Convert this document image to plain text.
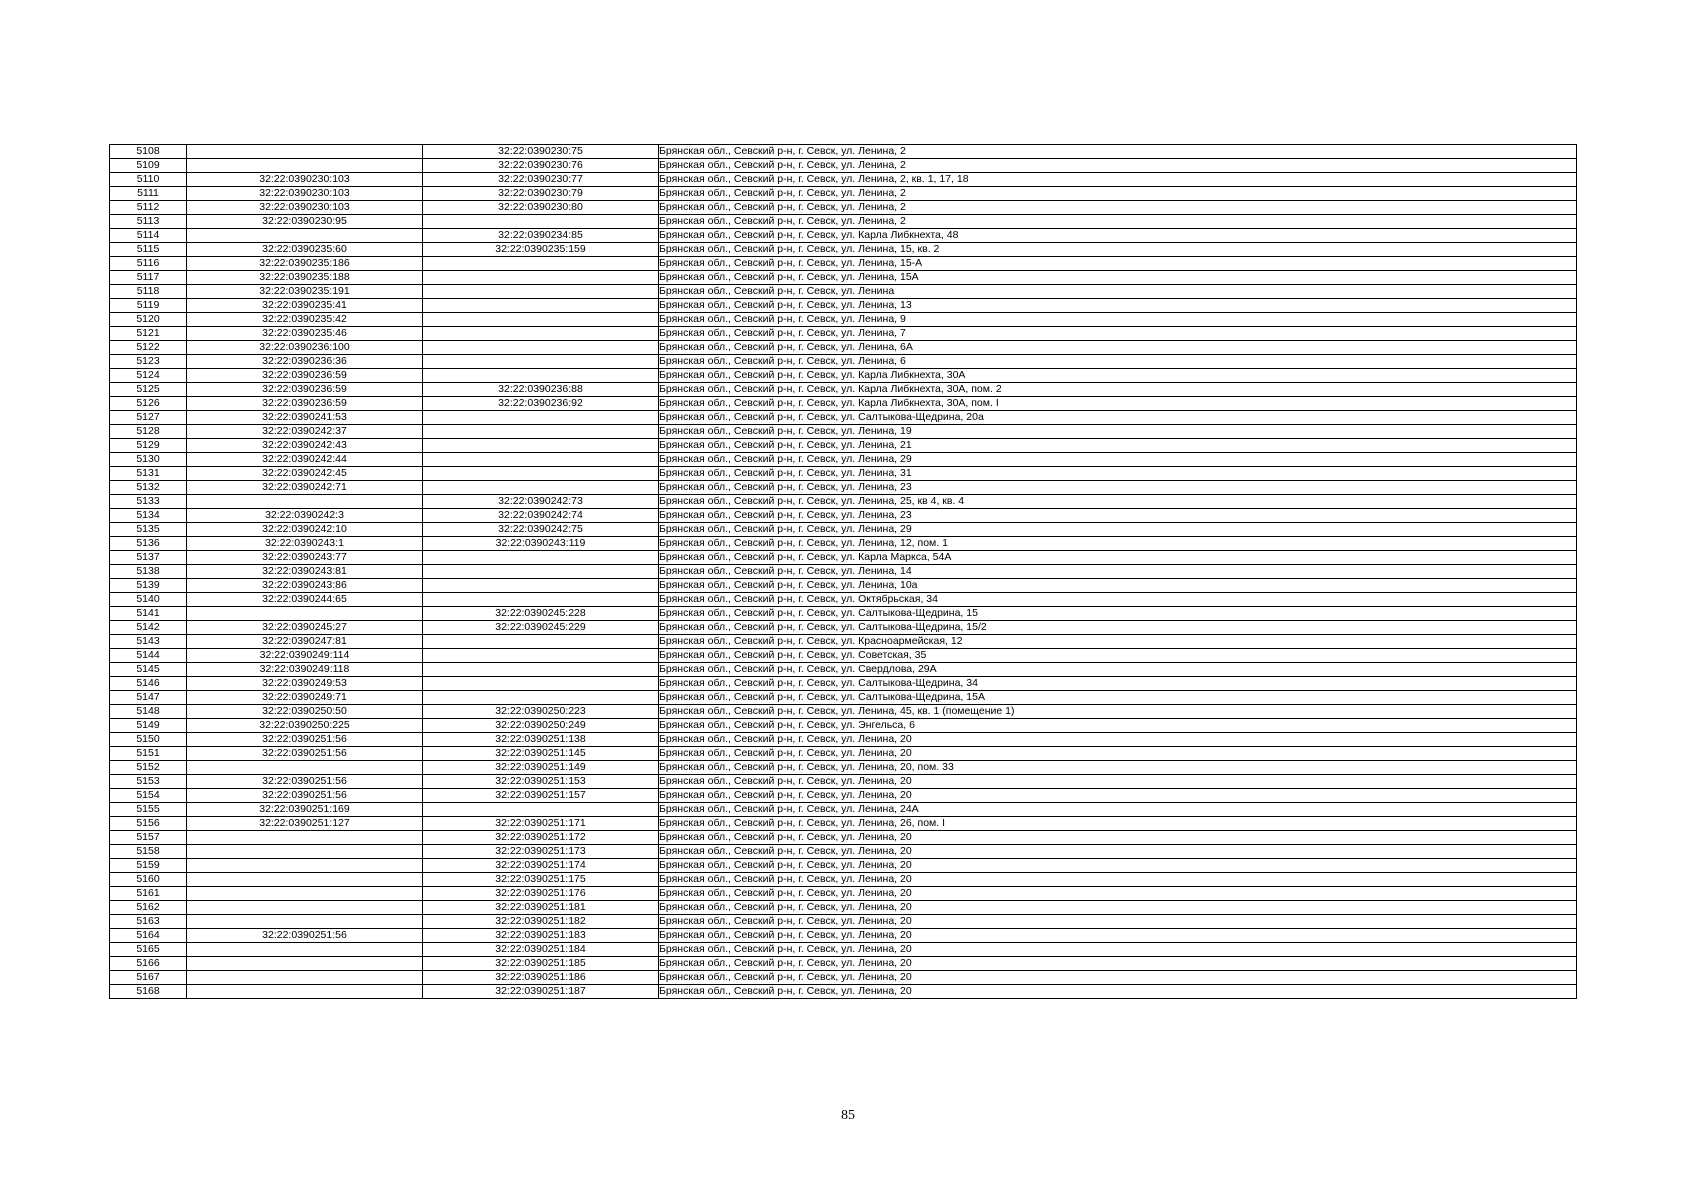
5108		32:22:0390230:75	Брянская обл., Севский р-н, г. Севск, ул. Ленина, 2
5109		32:22:0390230:76	Брянская обл., Севский р-н, г. Севск, ул. Ленина, 2
5110	32:22:0390230:103	32:22:0390230:77	Брянская обл., Севский р-н, г. Севск, ул. Ленина, 2, кв. 1, 17, 18
5111	32:22:0390230:103	32:22:0390230:79	Брянская обл., Севский р-н, г. Севск, ул. Ленина, 2
5112	32:22:0390230:103	32:22:0390230:80	Брянская обл., Севский р-н, г. Севск, ул. Ленина, 2
5113	32:22:0390230:95		Брянская обл., Севский р-н, г. Севск, ул. Ленина, 2
5114		32:22:0390234:85	Брянская обл., Севский р-н, г. Севск, ул. Карла Либкнехта, 48
5115	32:22:0390235:60	32:22:0390235:159	Брянская обл., Севский р-н, г. Севск, ул. Ленина, 15, кв. 2
5116	32:22:0390235:186		Брянская обл., Севский р-н, г. Севск, ул. Ленина, 15-А
5117	32:22:0390235:188		Брянская обл., Севский р-н, г. Севск, ул. Ленина, 15А
5118	32:22:0390235:191		Брянская обл., Севский р-н, г. Севск, ул. Ленина
5119	32:22:0390235:41		Брянская обл., Севский р-н, г. Севск, ул. Ленина, 13
5120	32:22:0390235:42		Брянская обл., Севский р-н, г. Севск, ул. Ленина, 9
5121	32:22:0390235:46		Брянская обл., Севский р-н, г. Севск, ул. Ленина, 7
5122	32:22:0390236:100		Брянская обл., Севский р-н, г. Севск, ул. Ленина, 6А
5123	32:22:0390236:36		Брянская обл., Севский р-н, г. Севск, ул. Ленина, 6
5124	32:22:0390236:59		Брянская обл., Севский р-н, г. Севск, ул. Карла Либкнехта, 30А
5125	32:22:0390236:59	32:22:0390236:88	Брянская обл., Севский р-н, г. Севск, ул. Карла Либкнехта, 30А, пом. 2
5126	32:22:0390236:59	32:22:0390236:92	Брянская обл., Севский р-н, г. Севск, ул. Карла Либкнехта, 30А, пом. I
5127	32:22:0390241:53		Брянская обл., Севский р-н, г. Севск, ул. Салтыкова-Щедрина, 20а
5128	32:22:0390242:37		Брянская обл., Севский р-н, г. Севск, ул. Ленина, 19
5129	32:22:0390242:43		Брянская обл., Севский р-н, г. Севск, ул. Ленина, 21
5130	32:22:0390242:44		Брянская обл., Севский р-н, г. Севск, ул. Ленина, 29
5131	32:22:0390242:45		Брянская обл., Севский р-н, г. Севск, ул. Ленина, 31
5132	32:22:0390242:71		Брянская обл., Севский р-н, г. Севск, ул. Ленина, 23
5133		32:22:0390242:73	Брянская обл., Севский р-н, г. Севск, ул. Ленина, 25, кв 4, кв. 4
5134	32:22:0390242:3	32:22:0390242:74	Брянская обл., Севский р-н, г. Севск, ул. Ленина, 23
5135	32:22:0390242:10	32:22:0390242:75	Брянская обл., Севский р-н, г. Севск, ул. Ленина, 29
5136	32:22:0390243:1	32:22:0390243:119	Брянская обл., Севский р-н, г. Севск, ул. Ленина, 12, пом. 1
5137	32:22:0390243:77		Брянская обл., Севский р-н, г. Севск, ул. Карла Маркса, 54А
5138	32:22:0390243:81		Брянская обл., Севский р-н, г. Севск, ул. Ленина, 14
5139	32:22:0390243:86		Брянская обл., Севский р-н, г. Севск, ул. Ленина, 10а
5140	32:22:0390244:65		Брянская обл., Севский р-н, г. Севск, ул. Октябрьская, 34
5141		32:22:0390245:228	Брянская обл., Севский р-н, г. Севск, ул. Салтыкова-Щедрина, 15
5142	32:22:0390245:27	32:22:0390245:229	Брянская обл., Севский р-н, г. Севск, ул. Салтыкова-Щедрина, 15/2
5143	32:22:0390247:81		Брянская обл., Севский р-н, г. Севск, ул. Красноармейская, 12
5144	32:22:0390249:114		Брянская обл., Севский р-н, г. Севск, ул. Советская, 35
5145	32:22:0390249:118		Брянская обл., Севский р-н, г. Севск, ул. Свердлова, 29А
5146	32:22:0390249:53		Брянская обл., Севский р-н, г. Севск, ул. Салтыкова-Щедрина, 34
5147	32:22:0390249:71		Брянская обл., Севский р-н, г. Севск, ул. Салтыкова-Щедрина, 15А
5148	32:22:0390250:50	32:22:0390250:223	Брянская обл., Севский р-н, г. Севск, ул. Ленина, 45, кв. 1 (помещение 1)
5149	32:22:0390250:225	32:22:0390250:249	Брянская обл., Севский р-н, г. Севск, ул. Энгельса, 6
5150	32:22:0390251:56	32:22:0390251:138	Брянская обл., Севский р-н, г. Севск, ул. Ленина, 20
5151	32:22:0390251:56	32:22:0390251:145	Брянская обл., Севский р-н, г. Севск, ул. Ленина, 20
5152		32:22:0390251:149	Брянская обл., Севский р-н, г. Севск, ул. Ленина, 20, пом. 33
5153	32:22:0390251:56	32:22:0390251:153	Брянская обл., Севский р-н, г. Севск, ул. Ленина, 20
5154	32:22:0390251:56	32:22:0390251:157	Брянская обл., Севский р-н, г. Севск, ул. Ленина, 20
5155	32:22:0390251:169		Брянская обл., Севский р-н, г. Севск, ул. Ленина, 24А
5156	32:22:0390251:127	32:22:0390251:171	Брянская обл., Севский р-н, г. Севск, ул. Ленина, 26, пом. I
5157		32:22:0390251:172	Брянская обл., Севский р-н, г. Севск, ул. Ленина, 20
5158		32:22:0390251:173	Брянская обл., Севский р-н, г. Севск, ул. Ленина, 20
5159		32:22:0390251:174	Брянская обл., Севский р-н, г. Севск, ул. Ленина, 20
5160		32:22:0390251:175	Брянская обл., Севский р-н, г. Севск, ул. Ленина, 20
5161		32:22:0390251:176	Брянская обл., Севский р-н, г. Севск, ул. Ленина, 20
5162		32:22:0390251:181	Брянская обл., Севский р-н, г. Севск, ул. Ленина, 20
5163		32:22:0390251:182	Брянская обл., Севский р-н, г. Севск, ул. Ленина, 20
5164	32:22:0390251:56	32:22:0390251:183	Брянская обл., Севский р-н, г. Севск, ул. Ленина, 20
5165		32:22:0390251:184	Брянская обл., Севский р-н, г. Севск, ул. Ленина, 20
5166		32:22:0390251:185	Брянская обл., Севский р-н, г. Севск, ул. Ленина, 20
5167		32:22:0390251:186	Брянская обл., Севский р-н, г. Севск, ул. Ленина, 20
5168		32:22:0390251:187	Брянская обл., Севский р-н, г. Севск, ул. Ленина, 20
85
